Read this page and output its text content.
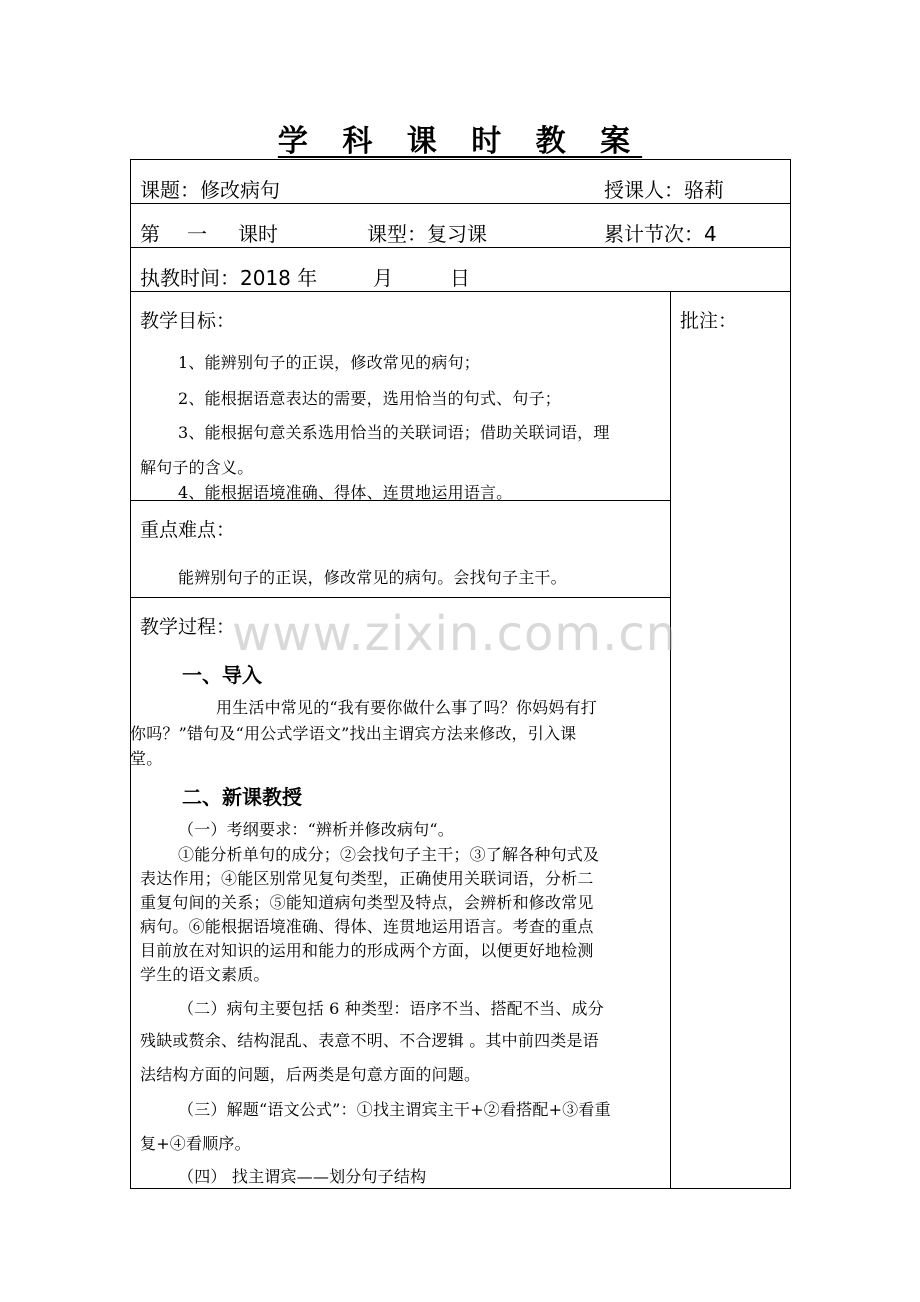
学 科 课 时 教 案
课题：修改病句	授课人：骆莉
第 一 课时	课型：复习课	累计节次：4
执教时间：2018 年	月	日
批注：
教学目标：
1、能辨别句子的正误，修改常见的病句；
2、能根据语意表达的需要，选用恰当的句式、句子；
3、能根据句意关系选用恰当的关联词语；借助关联词语，理
解句子的含义。
4、能根据语境准确、得体、连贯地运用语言。
重点难点：
能辨别句子的正误，修改常见的病句。会找句子主干。
教学过程：
一、导入
用生活中常见的“我有要你做什么事了吗？你妈妈有打
你吗？”错句及“用公式学语文”找出主谓宾方法来修改，引入课
堂。
二、新课教授
（一）考纲要求：“辨析并修改病句“。
①能分析单句的成分；②会找句子主干；③了解各种句式及
表达作用；④能区别常见复句类型，正确使用关联词语，分析二
重复句间的关系；⑤能知道病句类型及特点，会辨析和修改常见
病句。⑥能根据语境准确、得体、连贯地运用语言。考查的重点
目前放在对知识的运用和能力的形成两个方面，以便更好地检测
学生的语文素质。
（二）病句主要包括 6 种类型：语序不当、搭配不当、成分
残缺或赘余、结构混乱、表意不明、不合逻辑 。其中前四类是语
法结构方面的问题，后两类是句意方面的问题。
（三）解题“语文公式”：①找主谓宾主干+②看搭配+③看重
复+④看顺序。
（四） 找主谓宾——划分句子结构
www.zixin.com.cn
